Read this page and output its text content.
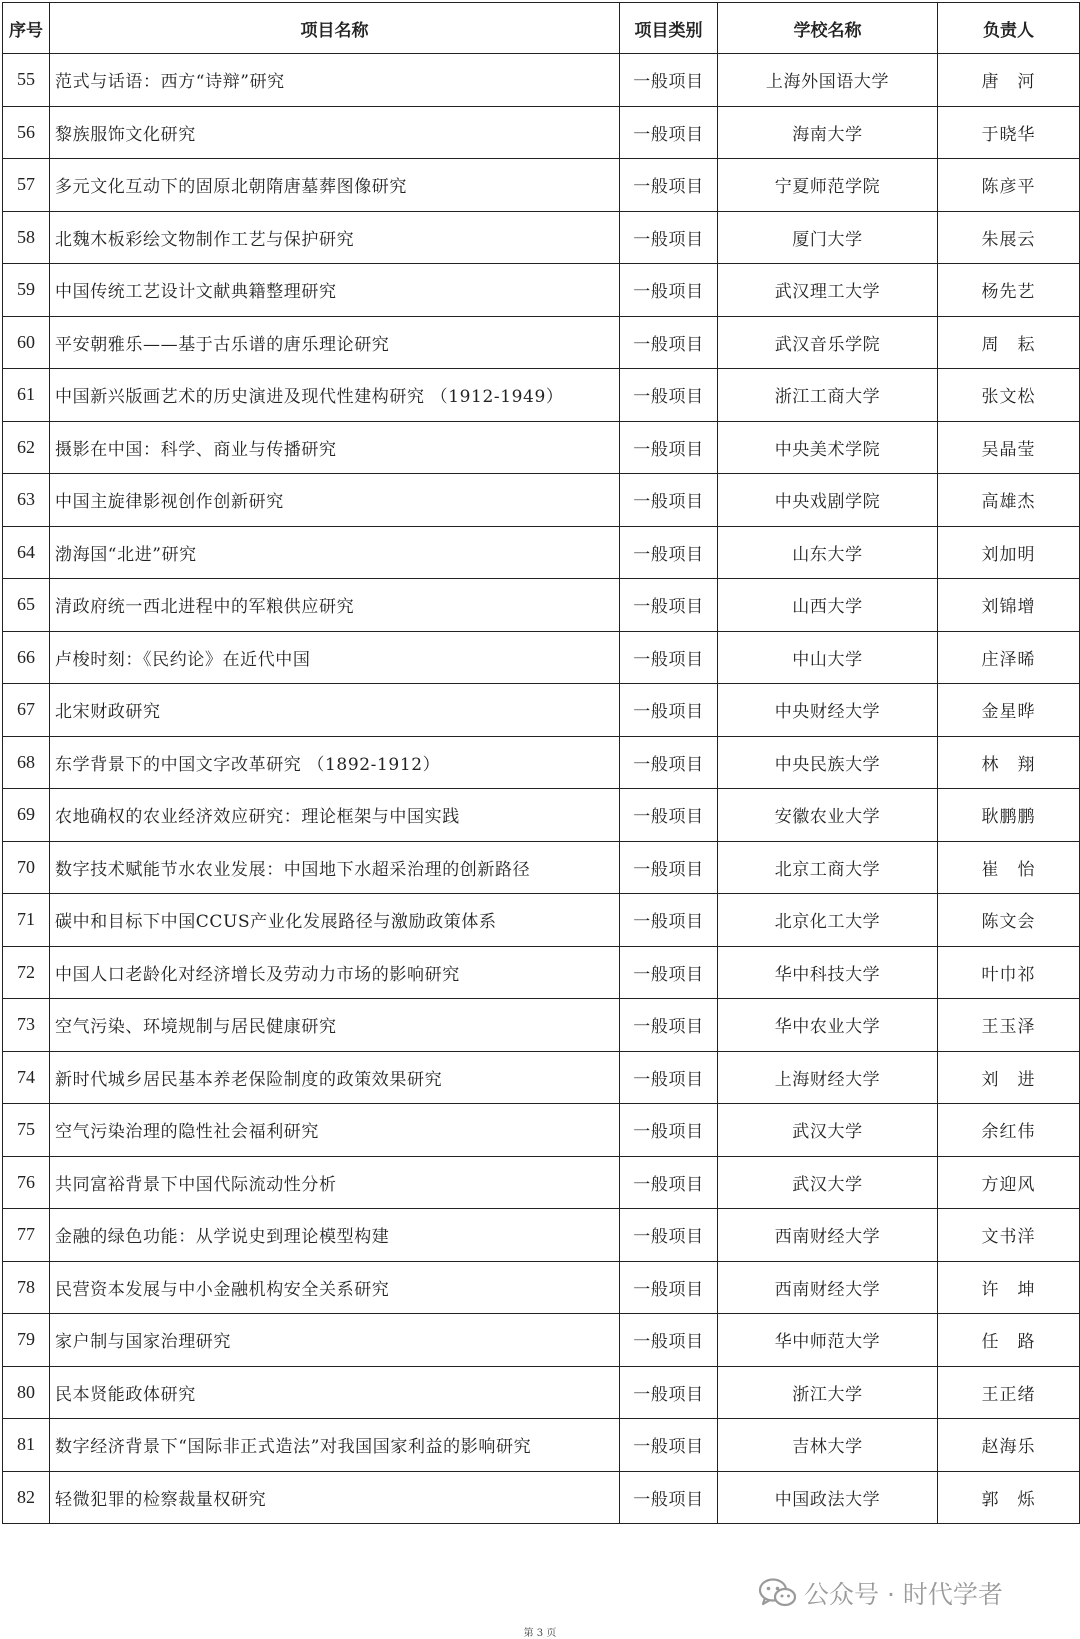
序号	项目名称	项目类别	学校名称	负责人
55	范式与话语：西方“诗辩”研究	一般项目	上海外国语大学	唐　河
56	黎族服饰文化研究	一般项目	海南大学	于晓华
57	多元文化互动下的固原北朝隋唐墓葬图像研究	一般项目	宁夏师范学院	陈彦平
58	北魏木板彩绘文物制作工艺与保护研究	一般项目	厦门大学	朱展云
59	中国传统工艺设计文献典籍整理研究	一般项目	武汉理工大学	杨先艺
60	平安朝雅乐——基于古乐谱的唐乐理论研究	一般项目	武汉音乐学院	周　耘
61	中国新兴版画艺术的历史演进及现代性建构研究 （1912-1949）	一般项目	浙江工商大学	张文松
62	摄影在中国：科学、商业与传播研究	一般项目	中央美术学院	吴晶莹
63	中国主旋律影视创作创新研究	一般项目	中央戏剧学院	高雄杰
64	渤海国“北进”研究	一般项目	山东大学	刘加明
65	清政府统一西北进程中的军粮供应研究	一般项目	山西大学	刘锦增
66	卢梭时刻：《民约论》在近代中国	一般项目	中山大学	庄泽晞
67	北宋财政研究	一般项目	中央财经大学	金星晔
68	东学背景下的中国文字改革研究 （1892-1912）	一般项目	中央民族大学	林　翔
69	农地确权的农业经济效应研究：理论框架与中国实践	一般项目	安徽农业大学	耿鹏鹏
70	数字技术赋能节水农业发展：中国地下水超采治理的创新路径	一般项目	北京工商大学	崔　怡
71	碳中和目标下中国CCUS产业化发展路径与激励政策体系	一般项目	北京化工大学	陈文会
72	中国人口老龄化对经济增长及劳动力市场的影响研究	一般项目	华中科技大学	叶巾祁
73	空气污染、环境规制与居民健康研究	一般项目	华中农业大学	王玉泽
74	新时代城乡居民基本养老保险制度的政策效果研究	一般项目	上海财经大学	刘　进
75	空气污染治理的隐性社会福利研究	一般项目	武汉大学	余红伟
76	共同富裕背景下中国代际流动性分析	一般项目	武汉大学	方迎风
77	金融的绿色功能：从学说史到理论模型构建	一般项目	西南财经大学	文书洋
78	民营资本发展与中小金融机构安全关系研究	一般项目	西南财经大学	许　坤
79	家户制与国家治理研究	一般项目	华中师范大学	任　路
80	民本贤能政体研究	一般项目	浙江大学	王正绪
81	数字经济背景下“国际非正式造法”对我国国家利益的影响研究	一般项目	吉林大学	赵海乐
82	轻微犯罪的检察裁量权研究	一般项目	中国政法大学	郭　烁
公众号 · 时代学者
第 3 页
